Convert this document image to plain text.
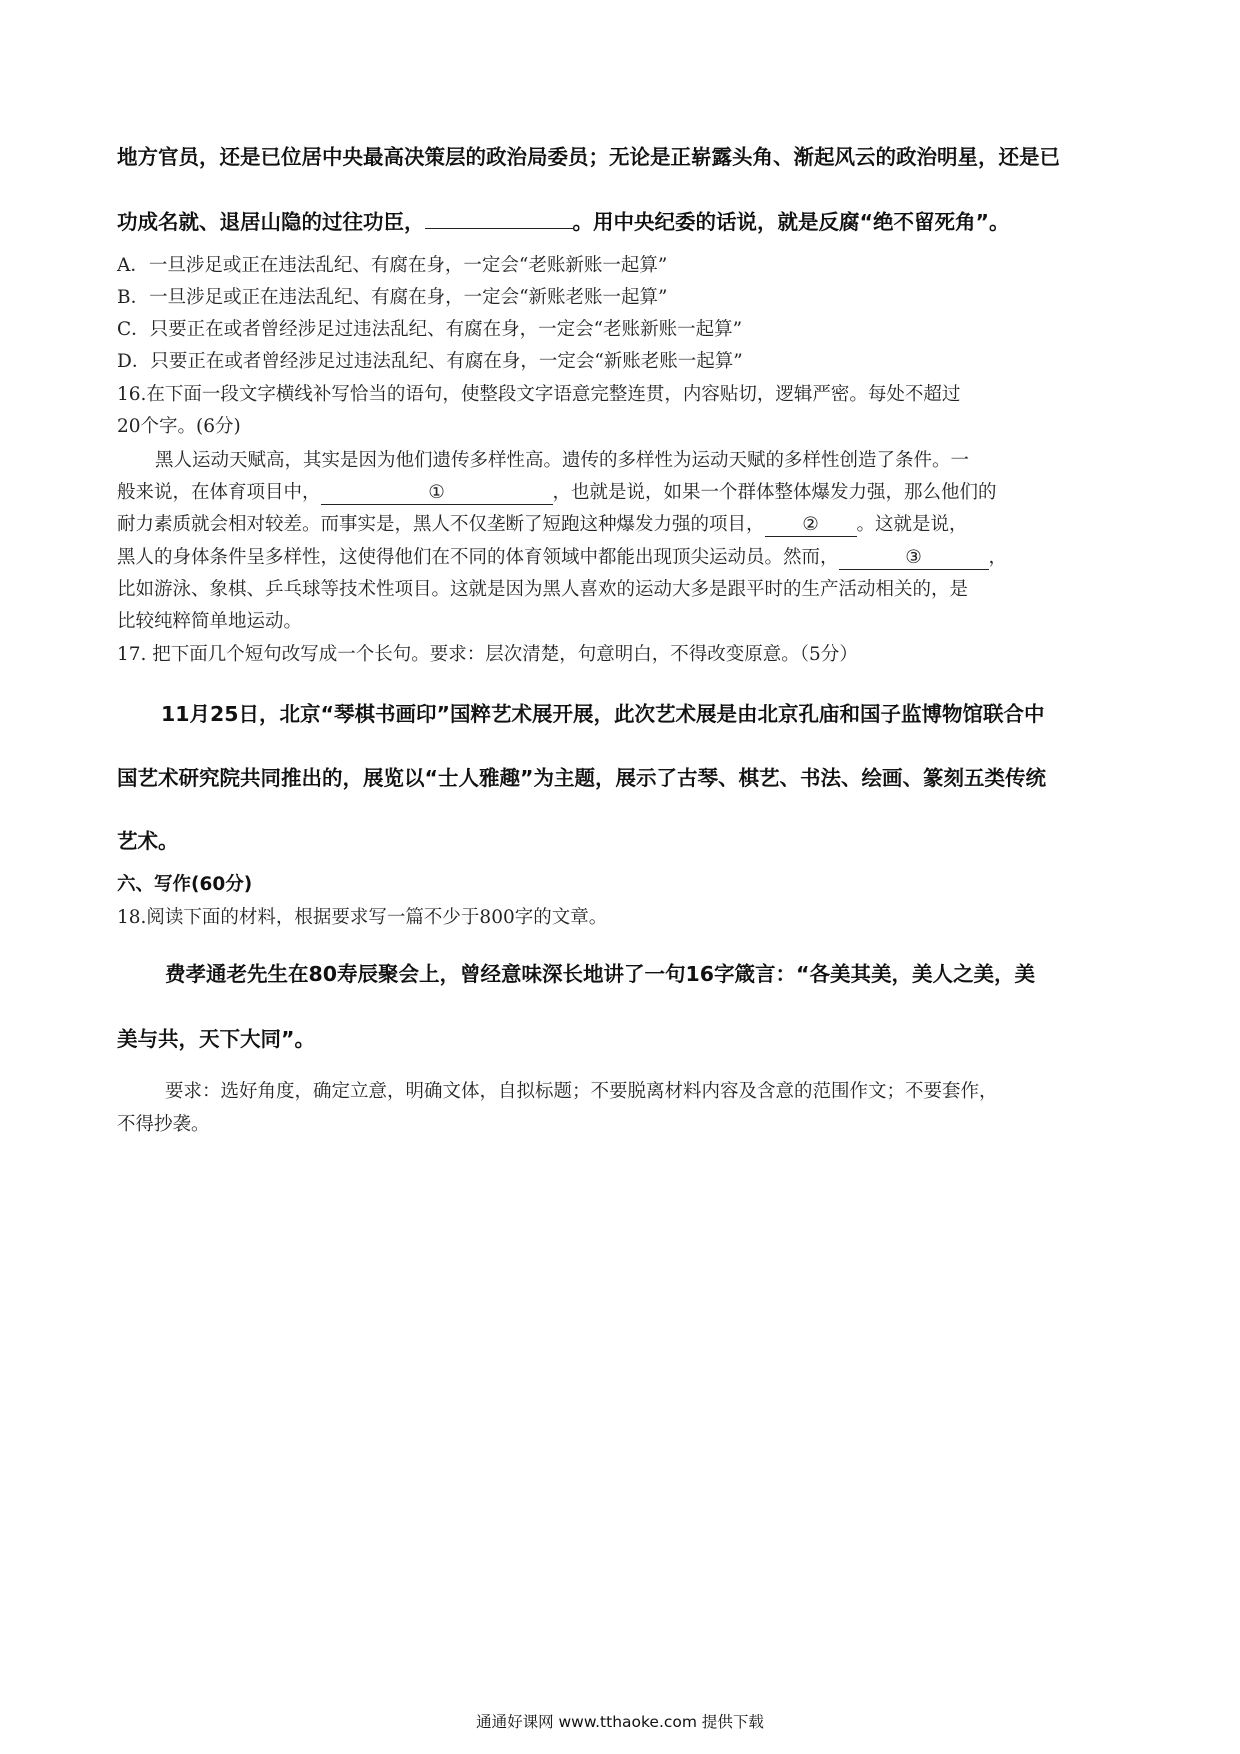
地方官员，还是已位居中央最高决策层的政治局委员；无论是正崭露头角、渐起风云的政治明星，还是已
功成名就、退居山隐的过往功臣，	。用中央纪委的话说，就是反腐“绝不留死角”。
A．一旦涉足或正在违法乱纪、有腐在身，一定会“老账新账一起算”
B．一旦涉足或正在违法乱纪、有腐在身，一定会“新账老账一起算”
C．只要正在或者曾经涉足过违法乱纪、有腐在身，一定会“老账新账一起算”
D．只要正在或者曾经涉足过违法乱纪、有腐在身，一定会“新账老账一起算”
16.在下面一段文字横线补写恰当的语句，使整段文字语意完整连贯，内容贴切，逻辑严密。每处不超过
20个字。(6分)
黑人运动天赋高，其实是因为他们遗传多样性高。遗传的多样性为运动天赋的多样性创造了条件。一
般来说，在体育项目中，	①	，也就是说，如果一个群体整体爆发力强，那么他们的
耐力素质就会相对较差。而事实是，黑人不仅垄断了短跑这种爆发力强的项目， ② 。这就是说，
黑人的身体条件呈多样性，这使得他们在不同的体育领域中都能出现顶尖运动员。然而，	③	，
比如游泳、象棋、乒乓球等技术性项目。这就是因为黑人喜欢的运动大多是跟平时的生产活动相关的，是
比较纯粹简单地运动。
17. 把下面几个短句改写成一个长句。要求：层次清楚，句意明白，不得改变原意。（5分）
11月25日，北京“琴棋书画印”国粹艺术展开展，此次艺术展是由北京孔庙和国子监博物馆联合中
国艺术研究院共同推出的，展览以“士人雅趣”为主题，展示了古琴、棋艺、书法、绘画、篆刻五类传统
艺术。
六、写作(60分)
18.阅读下面的材料，根据要求写一篇不少于800字的文章。
费孝通老先生在80寿辰聚会上，曾经意味深长地讲了一句16字箴言：“各美其美，美人之美，美
美与共，天下大同”。
要求：选好角度，确定立意，明确文体，自拟标题；不要脱离材料内容及含意的范围作文；不要套作，
不得抄袭。
通通好课网 www.tthaoke.com 提供下载
